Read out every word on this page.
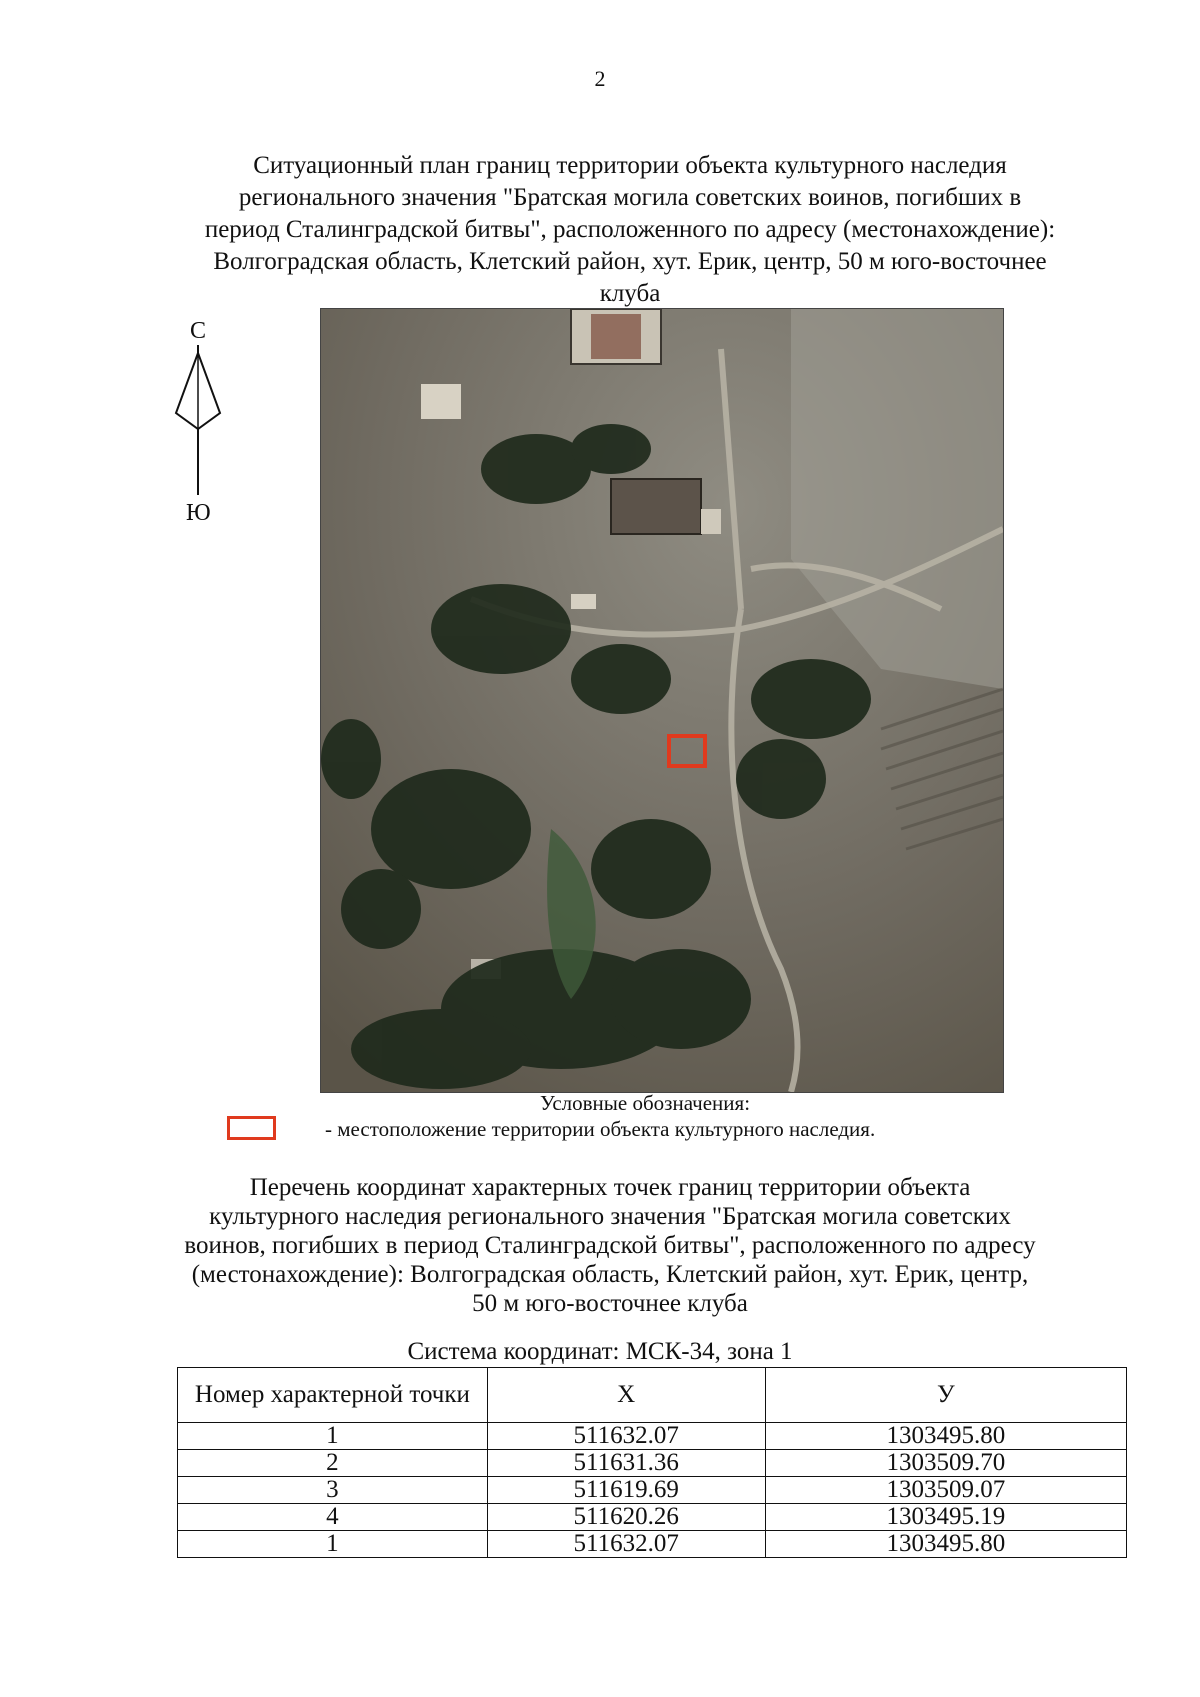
2
Ситуационный план границ территории объекта культурного наследия
регионального значения "Братская могила советских воинов, погибших в
период Сталинградской битвы", расположенного по адресу (местонахождение):
Волгоградская область, Клетский район, хут. Ерик, центр, 50 м юго-восточнее
клуба
С
Ю
Условные обозначения:
- местоположение территории объекта культурного наследия.
Перечень координат характерных точек границ территории объекта
культурного наследия регионального значения "Братская могила советских
воинов, погибших в период Сталинградской битвы", расположенного по адресу
(местонахождение): Волгоградская область, Клетский район, хут. Ерик, центр,
50 м юго-восточнее клуба
Система координат: МСК-34, зона 1
Номер характерной точки	X	У
1	511632.07	1303495.80
2	511631.36	1303509.70
3	511619.69	1303509.07
4	511620.26	1303495.19
1	511632.07	1303495.80
